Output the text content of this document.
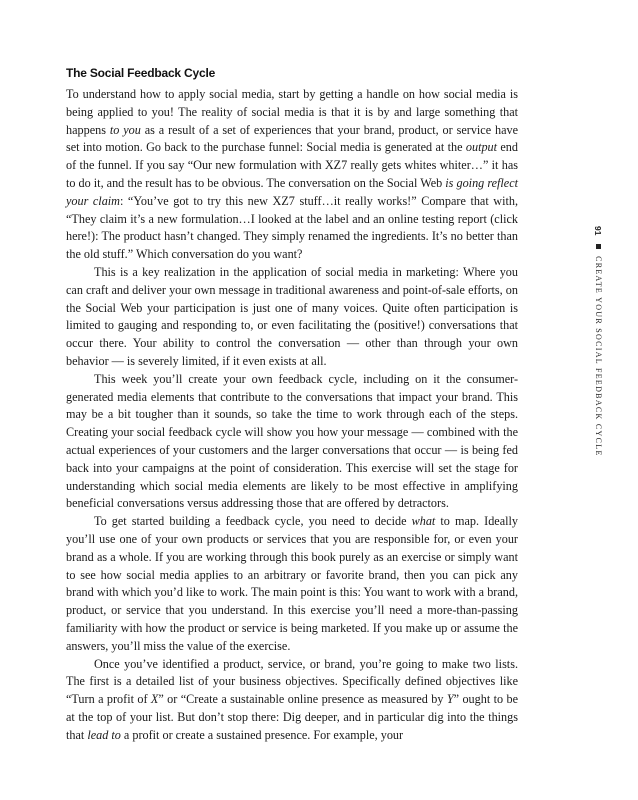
The Social Feedback Cycle

To understand how to apply social media, start by getting a handle on how social media is being applied to you! The reality of social media is that it is by and large something that happens to you as a result of a set of experiences that your brand, product, or service have set into motion. Go back to the purchase funnel: Social media is generated at the output end of the funnel. If you say “Our new formulation with XZ7 really gets whites whiter…” it has to do it, and the result has to be obvious. The conversation on the Social Web is going reflect your claim: “You’ve got to try this new XZ7 stuff…it really works!” Compare that with, “They claim it’s a new formulation…I looked at the label and an online testing report (click here!): The product hasn’t changed. They simply renamed the ingredients. It’s no better than the old stuff.” Which conversation do you want?

This is a key realization in the application of social media in marketing: Where you can craft and deliver your own message in traditional awareness and point-of-sale efforts, on the Social Web your participation is just one of many voices. Quite often participation is limited to gauging and responding to, or even facilitating the (positive!) conversations that occur there. Your ability to control the conversation — other than through your own behavior — is severely limited, if it even exists at all.

This week you’ll create your own feedback cycle, including on it the consumer-generated media elements that contribute to the conversations that impact your brand. This may be a bit tougher than it sounds, so take the time to work through each of the steps. Creating your social feedback cycle will show you how your message — combined with the actual experiences of your customers and the larger conversations that occur — is being fed back into your campaigns at the point of consideration. This exercise will set the stage for understanding which social media elements are likely to be most effective in amplifying beneficial conversations versus addressing those that are offered by detractors.

To get started building a feedback cycle, you need to decide what to map. Ideally you’ll use one of your own products or services that you are responsible for, or even your brand as a whole. If you are working through this book purely as an exercise or simply want to see how social media applies to an arbitrary or favorite brand, then you can pick any brand with which you’d like to work. The main point is this: You want to work with a brand, product, or service that you understand. In this exercise you’ll need a more-than-passing familiarity with how the product or service is being marketed. If you make up or assume the answers, you’ll miss the value of the exercise.

Once you’ve identified a product, service, or brand, you’re going to make two lists. The first is a detailed list of your business objectives. Specifically defined objectives like “Turn a profit of X” or “Create a sustainable online presence as measured by Y” ought to be at the top of your list. But don’t stop there: Dig deeper, and in particular dig into the things that lead to a profit or create a sustained presence. For example, your

91  CREATE YOUR SOCIAL FEEDBACK CYCLE
